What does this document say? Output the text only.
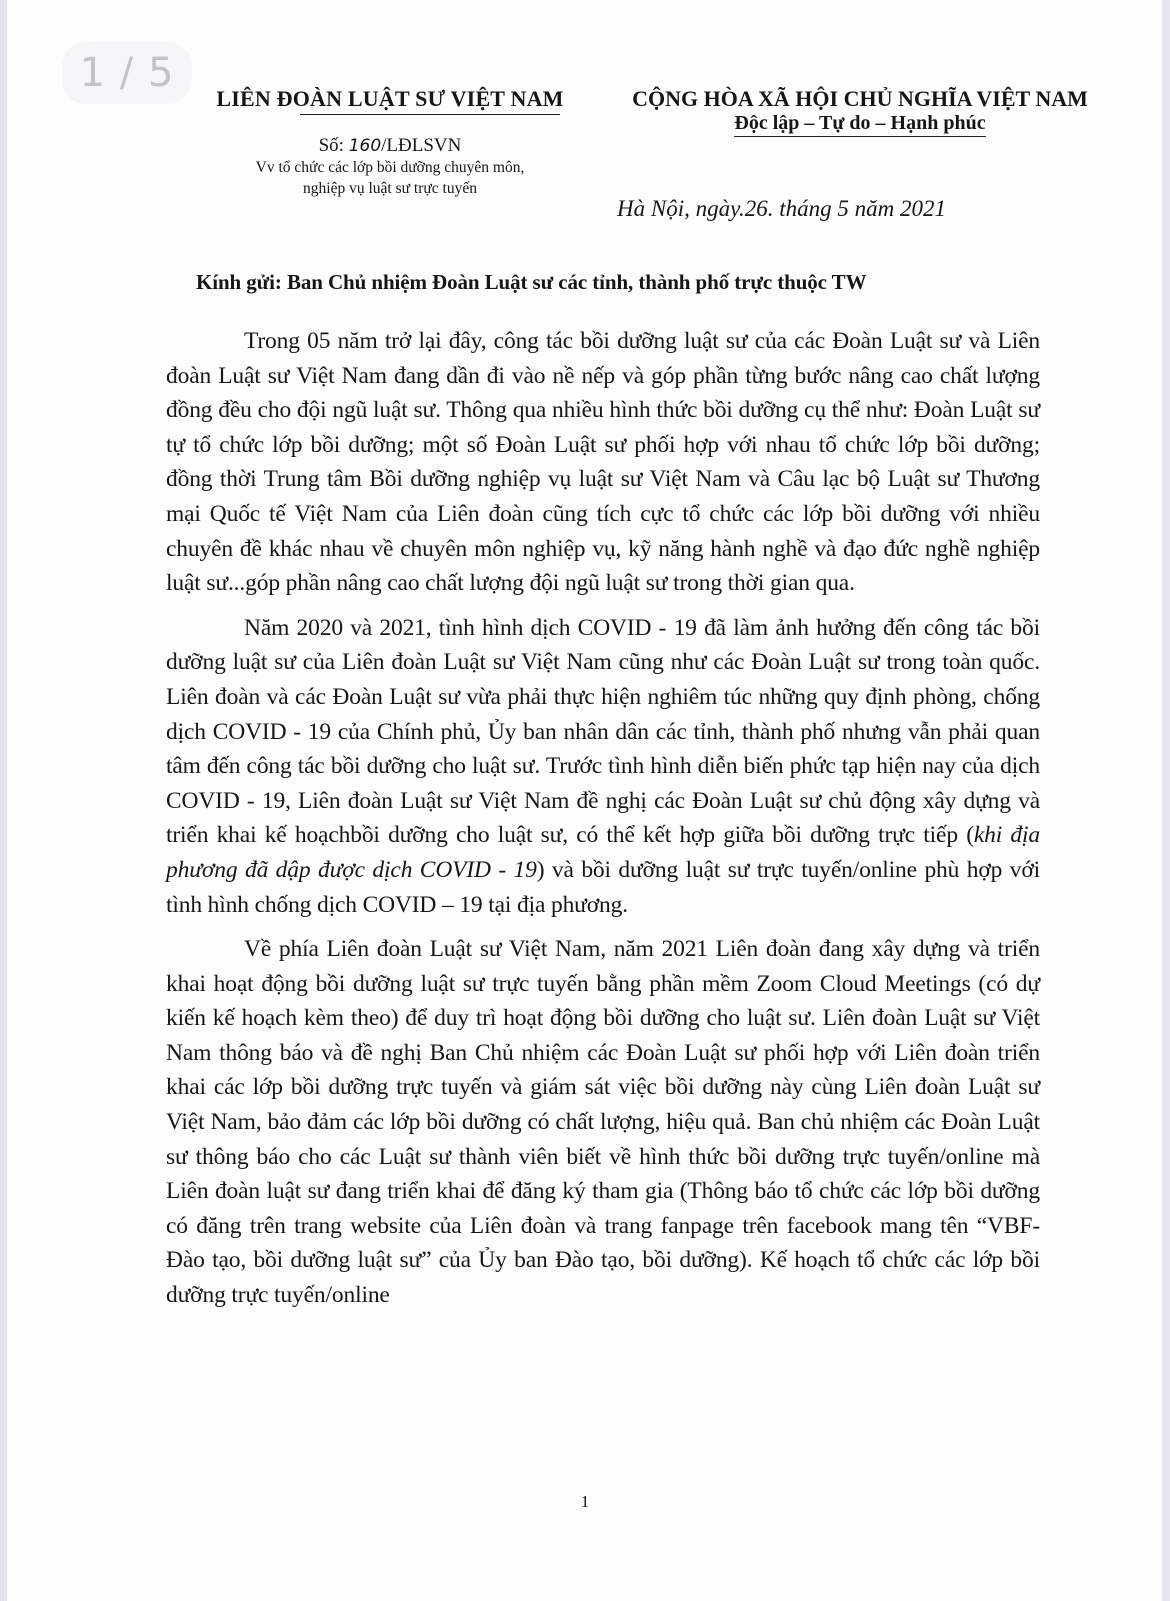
1 / 5
LIÊN ĐOÀN LUẬT SƯ VIỆT NAM
Số: 160/LĐLSVN
Vv tổ chức các lớp bồi dưỡng chuyên môn,
nghiệp vụ luật sư trực tuyến
CỘNG HÒA XÃ HỘI CHỦ NGHĨA VIỆT NAM
Độc lập – Tự do – Hạnh phúc
Hà Nội, ngày.26. tháng 5 năm 2021
Kính gửi: Ban Chủ nhiệm Đoàn Luật sư các tỉnh, thành phố trực thuộc TW

Trong 05 năm trở lại đây, công tác bồi dưỡng luật sư của các Đoàn Luật sư và Liên đoàn Luật sư Việt Nam đang dần đi vào nề nếp và góp phần từng bước nâng cao chất lượng đồng đều cho đội ngũ luật sư. Thông qua nhiều hình thức bồi dưỡng cụ thể như: Đoàn Luật sư tự tổ chức lớp bồi dưỡng; một số Đoàn Luật sư phối hợp với nhau tổ chức lớp bồi dưỡng; đồng thời Trung tâm Bồi dưỡng nghiệp vụ luật sư Việt Nam và Câu lạc bộ Luật sư Thương mại Quốc tế Việt Nam của Liên đoàn cũng tích cực tổ chức các lớp bồi dưỡng với nhiều chuyên đề khác nhau về chuyên môn nghiệp vụ, kỹ năng hành nghề và đạo đức nghề nghiệp luật sư...góp phần nâng cao chất lượng đội ngũ luật sư trong thời gian qua.

Năm 2020 và 2021, tình hình dịch COVID - 19 đã làm ảnh hưởng đến công tác bồi dưỡng luật sư của Liên đoàn Luật sư Việt Nam cũng như các Đoàn Luật sư trong toàn quốc. Liên đoàn và các Đoàn Luật sư vừa phải thực hiện nghiêm túc những quy định phòng, chống dịch COVID - 19 của Chính phủ, Ủy ban nhân dân các tỉnh, thành phố nhưng vẫn phải quan tâm đến công tác bồi dưỡng cho luật sư. Trước tình hình diễn biến phức tạp hiện nay của dịch COVID - 19, Liên đoàn Luật sư Việt Nam đề nghị các Đoàn Luật sư chủ động xây dựng và triển khai kế hoạchbồi dưỡng cho luật sư, có thể kết hợp giữa bồi dưỡng trực tiếp (khi địa phương đã dập được dịch COVID - 19) và bồi dưỡng luật sư trực tuyến/online phù hợp với tình hình chống dịch COVID – 19 tại địa phương.

Về phía Liên đoàn Luật sư Việt Nam, năm 2021 Liên đoàn đang xây dựng và triển khai hoạt động bồi dưỡng luật sư trực tuyến bằng phần mềm Zoom Cloud Meetings (có dự kiến kế hoạch kèm theo) để duy trì hoạt động bồi dưỡng cho luật sư. Liên đoàn Luật sư Việt Nam thông báo và đề nghị Ban Chủ nhiệm các Đoàn Luật sư phối hợp với Liên đoàn triển khai các lớp bồi dưỡng trực tuyến và giám sát việc bồi dưỡng này cùng Liên đoàn Luật sư Việt Nam, bảo đảm các lớp bồi dưỡng có chất lượng, hiệu quả. Ban chủ nhiệm các Đoàn Luật sư thông báo cho các Luật sư thành viên biết về hình thức bồi dưỡng trực tuyến/online mà Liên đoàn luật sư đang triển khai để đăng ký tham gia (Thông báo tổ chức các lớp bồi dưỡng có đăng trên trang website của Liên đoàn và trang fanpage trên facebook mang tên “VBF- Đào tạo, bồi dưỡng luật sư” của Ủy ban Đào tạo, bồi dưỡng). Kế hoạch tổ chức các lớp bồi dưỡng trực tuyến/online

1
